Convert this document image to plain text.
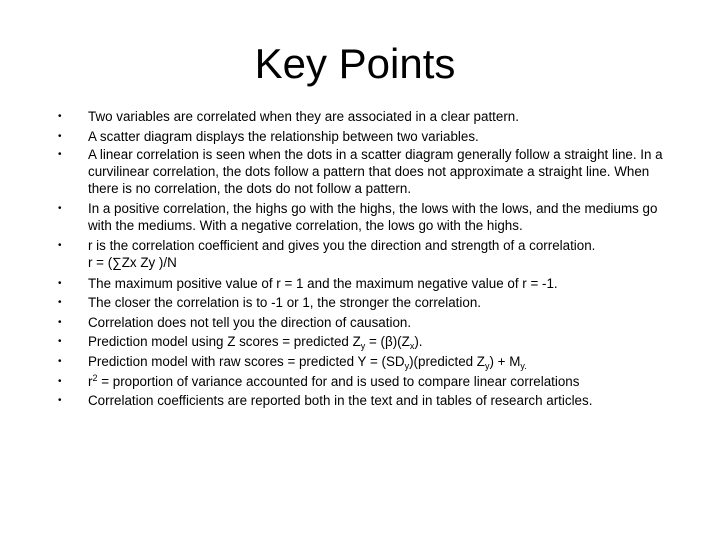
Key Points
•	Two variables are correlated when they are associated in a clear pattern.
•	A scatter diagram displays the relationship between two variables.
•	A linear correlation is seen when the dots in a scatter diagram generally follow a straight line. In a curvilinear correlation, the dots follow a pattern that does not approximate a straight line. When there is no correlation, the dots do not follow a pattern.
•	In a positive correlation, the highs go with the highs, the lows with the lows, and the mediums go with the mediums. With a negative correlation, the lows go with the highs.
•	r is the correlation coefficient and gives you the direction and strength of a correlation.
r = (∑Zx Zy )/N
•	The maximum positive value of r = 1 and the maximum negative value of r = -1.
•	The closer the correlation is to -1 or 1, the stronger the correlation.
•	Correlation does not tell you the direction of causation.
•	Prediction model using Z scores = predicted $Z_y = (\beta)(Z_x)$.
•	Prediction model with raw scores = predicted $Y = (SD_y)(predicted$ $Z_y) + M_{y.}$
•	$r^2$ = proportion of variance accounted for and is used to compare linear correlations
•	Correlation coefficients are reported both in the text and in tables of research articles.
